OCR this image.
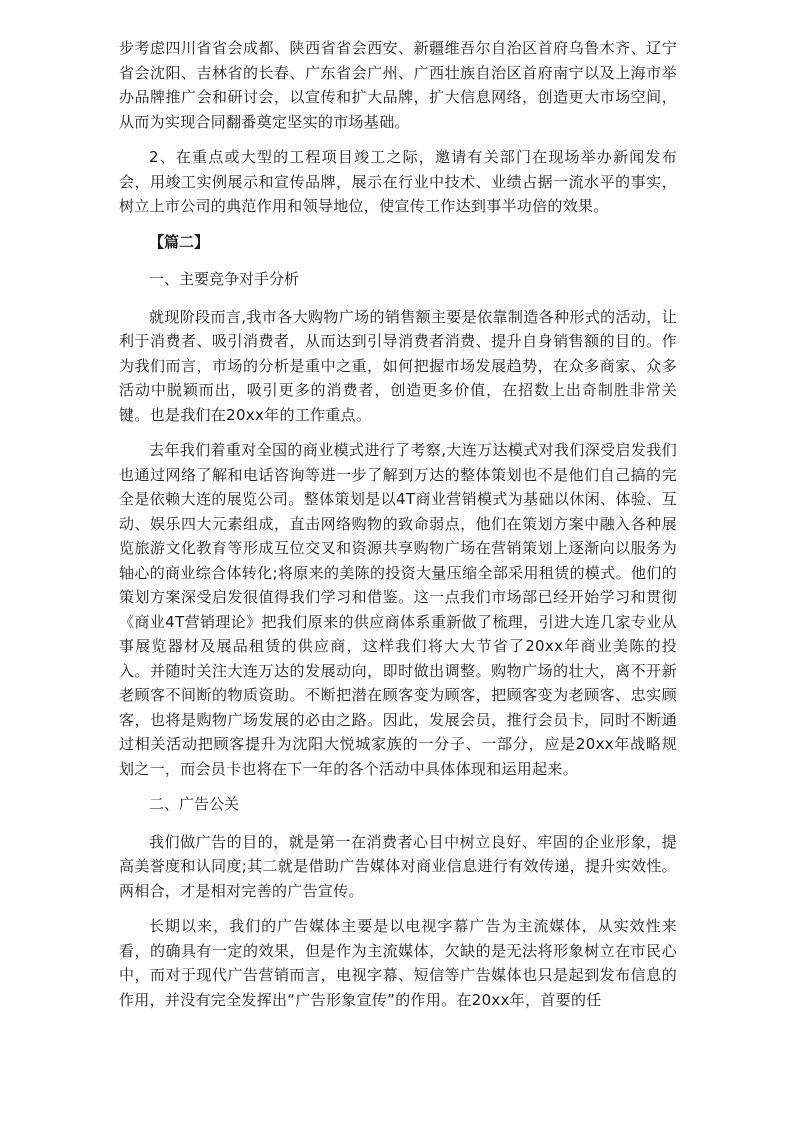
步考虑四川省省会成都、陕西省省会西安、新疆维吾尔自治区首府乌鲁木齐、辽宁省会沈阳、吉林省的长春、广东省会广州、广西壮族自治区首府南宁以及上海市举办品牌推广会和研讨会，以宣传和扩大品牌，扩大信息网络，创造更大市场空间，从而为实现合同翻番奠定坚实的市场基础。

2、在重点或大型的工程项目竣工之际，邀请有关部门在现场举办新闻发布会，用竣工实例展示和宣传品牌，展示在行业中技术、业绩占据一流水平的事实，树立上市公司的典范作用和领导地位，使宣传工作达到事半功倍的效果。

【篇二】

一、主要竞争对手分析

就现阶段而言,我市各大购物广场的销售额主要是依靠制造各种形式的活动，让利于消费者、吸引消费者，从而达到引导消费者消费、提升自身销售额的目的。作为我们而言，市场的分析是重中之重，如何把握市场发展趋势，在众多商家、众多活动中脱颖而出，吸引更多的消费者，创造更多价值，在招数上出奇制胜非常关键。也是我们在20xx年的工作重点。

去年我们着重对全国的商业模式进行了考察,大连万达模式对我们深受启发我们也通过网络了解和电话咨询等进一步了解到万达的整体策划也不是他们自己搞的完全是依赖大连的展览公司。整体策划是以4T商业营销模式为基础以休闲、体验、互动、娱乐四大元素组成，直击网络购物的致命弱点，他们在策划方案中融入各种展览旅游文化教育等形成互位交叉和资源共享购物广场在营销策划上逐渐向以服务为轴心的商业综合体转化;将原来的美陈的投资大量压缩全部采用租赁的模式。他们的策划方案深受启发很值得我们学习和借鉴。这一点我们市场部已经开始学习和贯彻《商业4T营销理论》把我们原来的供应商体系重新做了梳理，引进大连几家专业从事展览器材及展品租赁的供应商，这样我们将大大节省了20xx年商业美陈的投入。并随时关注大连万达的发展动向，即时做出调整。购物广场的壮大，离不开新老顾客不间断的物质资助。不断把潜在顾客变为顾客，把顾客变为老顾客、忠实顾客，也将是购物广场发展的必由之路。因此，发展会员，推行会员卡，同时不断通过相关活动把顾客提升为沈阳大悦城家族的一分子、一部分，应是20xx年战略规划之一，而会员卡也将在下一年的各个活动中具体体现和运用起来。

二、广告公关

我们做广告的目的，就是第一在消费者心目中树立良好、牢固的企业形象，提高美誉度和认同度;其二就是借助广告媒体对商业信息进行有效传递，提升实效性。两相合，才是相对完善的广告宣传。

长期以来，我们的广告媒体主要是以电视字幕广告为主流媒体，从实效性来看，的确具有一定的效果，但是作为主流媒体，欠缺的是无法将形象树立在市民心中，而对于现代广告营销而言，电视字幕、短信等广告媒体也只是起到发布信息的作用，并没有完全发挥出“广告形象宣传”的作用。在20xx年，首要的任
